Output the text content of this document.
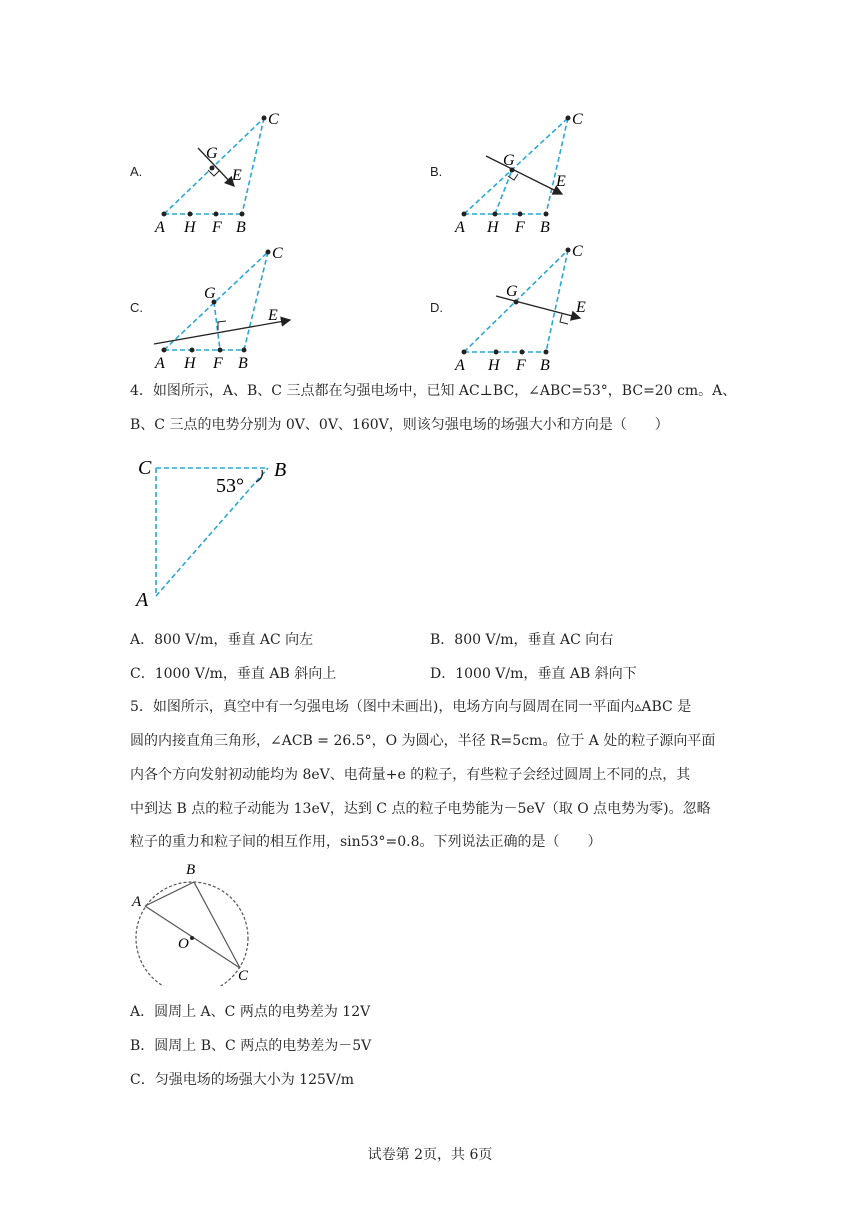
A.	B.
C.	D.
A H F B
C
G
E
A H F B
C
G
E
A H F B
C
G
E
A H F B
C
G
E
4．如图所示，A、B、C 三点都在匀强电场中，已知 AC⊥BC，∠ABC=53°，BC=20 cm。A、
B、C 三点的电势分别为 0V、0V、160V，则该匀强电场的场强大小和方向是（　　）
C	B
A
53°
A．800 V/m，垂直 AC 向左	B．800 V/m，垂直 AC 向右
C．1000 V/m，垂直 AB 斜向上	D．1000 V/m，垂直 AB 斜向下
5．如图所示，真空中有一匀强电场（图中未画出)，电场方向与圆周在同一平面内▵ABC 是
圆的内接直角三角形，∠ACB = 26.5°，O 为圆心，半径 R=5cm。位于 A 处的粒子源向平面
内各个方向发射初动能均为 8eV、电荷量+e 的粒子，有些粒子会经过圆周上不同的点，其
中到达 B 点的粒子动能为 13eV，达到 C 点的粒子电势能为－5eV（取 O 点电势为零)。忽略
粒子的重力和粒子间的相互作用，sin53°=0.8。下列说法正确的是（　　）
A
B
O
C
A．圆周上 A、C 两点的电势差为 12V
B．圆周上 B、C 两点的电势差为－5V
C．匀强电场的场强大小为 125V/m
试卷第 2页，共 6页
